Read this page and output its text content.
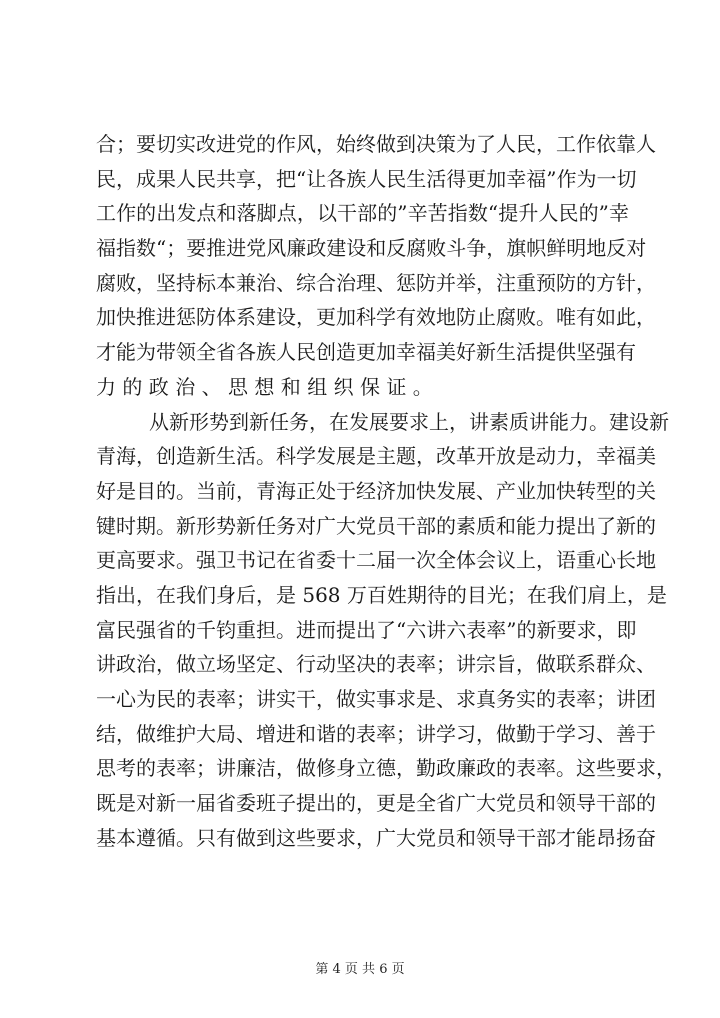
合；要切实改进党的作风，始终做到决策为了人民，工作依靠人
民，成果人民共享，把“让各族人民生活得更加幸福”作为一切
工作的出发点和落脚点，以干部的”辛苦指数“提升人民的”幸
福指数“；要推进党风廉政建设和反腐败斗争，旗帜鲜明地反对
腐败，坚持标本兼治、综合治理、惩防并举，注重预防的方针，
加快推进惩防体系建设，更加科学有效地防止腐败。唯有如此，
才能为带领全省各族人民创造更加幸福美好新生活提供坚强有
力的政治、思想和组织保证。
从新形势到新任务，在发展要求上，讲素质讲能力。建设新
青海，创造新生活。科学发展是主题，改革开放是动力，幸福美
好是目的。当前，青海正处于经济加快发展、产业加快转型的关
键时期。新形势新任务对广大党员干部的素质和能力提出了新的
更高要求。强卫书记在省委十二届一次全体会议上，语重心长地
指出，在我们身后，是 568 万百姓期待的目光；在我们肩上，是
富民强省的千钧重担。进而提出了“六讲六表率”的新要求，即
讲政治，做立场坚定、行动坚决的表率；讲宗旨，做联系群众、
一心为民的表率；讲实干，做实事求是、求真务实的表率；讲团
结，做维护大局、增进和谐的表率；讲学习，做勤于学习、善于
思考的表率；讲廉洁，做修身立德，勤政廉政的表率。这些要求，
既是对新一届省委班子提出的，更是全省广大党员和领导干部的
基本遵循。只有做到这些要求，广大党员和领导干部才能昂扬奋
第 4 页 共 6 页
